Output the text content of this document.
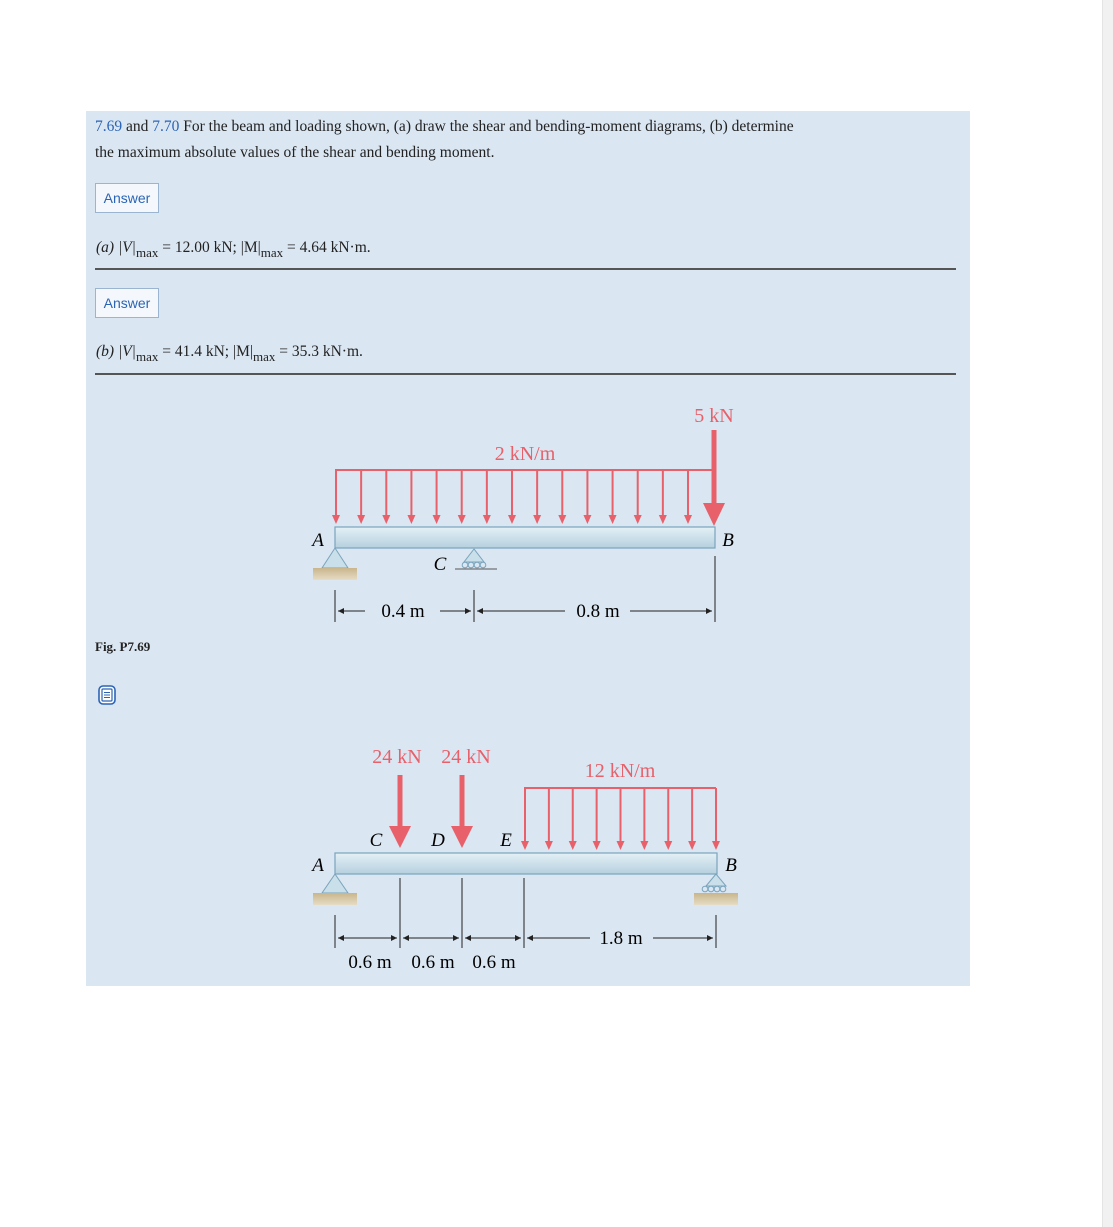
7.69 and 7.70 For the beam and loading shown, (a) draw the shear and bending-moment diagrams, (b) determine
the maximum absolute values of the shear and bending moment.
Answer
(a) $|V|_{max} = 12.00$ kN; $|M|_{max} = 4.64$ kN·m.
Answer
(b) $|V|_{max} = 41.4$ kN; $|M|_{max} = 35.3$ kN·m.
Fig. P7.69
2 kN/m
5 kN
A	B
C
0.4 m	0.8 m
24 kN 24 kN
12 kN/m
C	D	E
A	B
1.8 m
0.6 m 0.6 m 0.6 m
